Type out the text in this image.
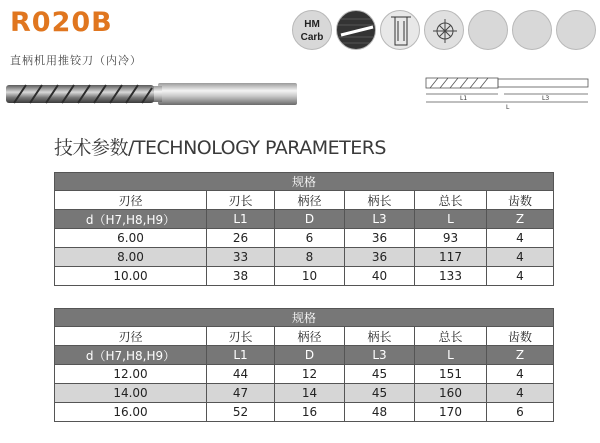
R020B
直柄机用推铰刀（内冷）
HM
Carb
L1	L3
L
技术参数/TECHNOLOGY PARAMETERS
规格					
刃径	刃长	柄径	柄长	总长	齿数
d（H7,H8,H9）	L1	D	L3	L	Z
6.00	26	6	36	93	4
8.00	33	8	36	117	4
10.00	38	10	40	133	4
规格					
刃径	刃长	柄径	柄长	总长	齿数
d（H7,H8,H9）	L1	D	L3	L	Z
12.00	44	12	45	151	4
14.00	47	14	45	160	4
16.00	52	16	48	170	6
